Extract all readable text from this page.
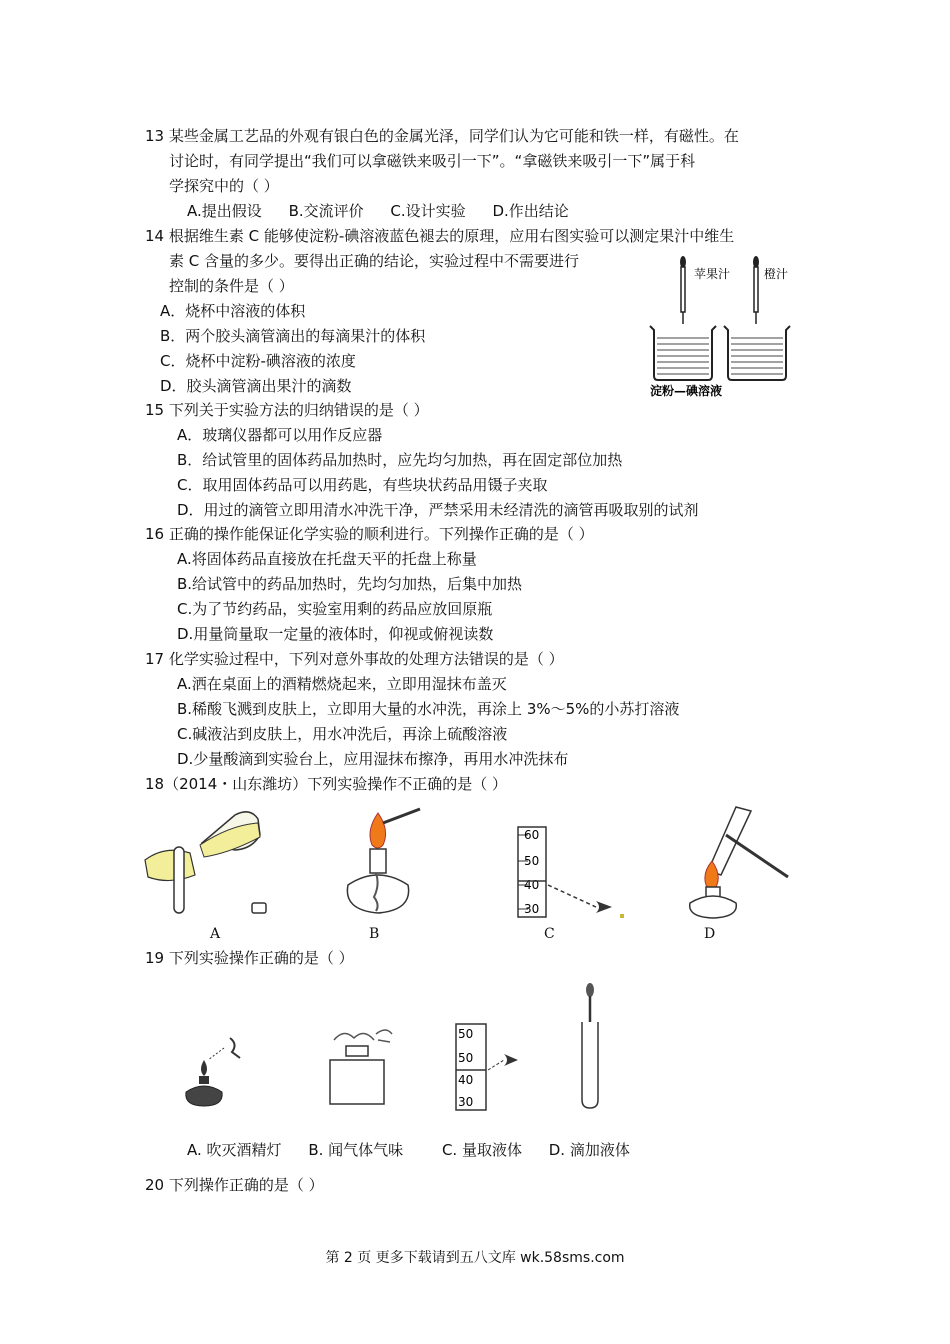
13 某些金属工艺品的外观有银白色的金属光泽，同学们认为它可能和铁一样，有磁性。在

讨论时，有同学提出“我们可以拿磁铁来吸引一下”。“拿磁铁来吸引一下”属于科

学探究中的（ ）

A.提出假设 B.交流评价 C.设计实验 D.作出结论

14 根据维生素 C 能够使淀粉-碘溶液蓝色褪去的原理，应用右图实验可以测定果汁中维生

素 C 含量的多少。要得出正确的结论，实验过程中不需要进行

控制的条件是（ ）

A．烧杯中溶液的体积
B．两个胶头滴管滴出的每滴果汁的体积
C．烧杯中淀粉-碘溶液的浓度
D．胶头滴管滴出果汁的滴数
苹果汁	橙汁
淀粉—碘溶液

15 下列关于实验方法的归纳错误的是（ ）

A．玻璃仪器都可以用作反应器
B．给试管里的固体药品加热时，应先均匀加热，再在固定部位加热
C．取用固体药品可以用药匙，有些块状药品用镊子夹取
D．用过的滴管立即用清水冲洗干净，严禁采用未经清洗的滴管再吸取别的试剂

16 正确的操作能保证化学实验的顺利进行。下列操作正确的是（ ）

A.将固体药品直接放在托盘天平的托盘上称量
B.给试管中的药品加热时，先均匀加热，后集中加热
C.为了节约药品，实验室用剩的药品应放回原瓶
D.用量筒量取一定量的液体时，仰视或俯视读数

17 化学实验过程中，下列对意外事故的处理方法错误的是（ ）

A.洒在桌面上的酒精燃烧起来，立即用湿抹布盖灭
B.稀酸飞溅到皮肤上，立即用大量的水冲洗，再涂上 3%～5%的小苏打溶液
C.碱液沾到皮肤上，用水冲洗后，再涂上硫酸溶液
D.少量酸滴到实验台上，应用湿抹布擦净，再用水冲洗抹布

18（2014・山东潍坊）下列实验操作不正确的是（ ）

60
50
40
30
A	B	C	D

19 下列实验操作正确的是（ ）

50
50
40
30
A. 吹灭酒精灯 B. 闻气体气味	C. 量取液体 D. 滴加液体

20 下列操作正确的是（ ）

第 2 页 更多下载请到五八文库 wk.58sms.com
